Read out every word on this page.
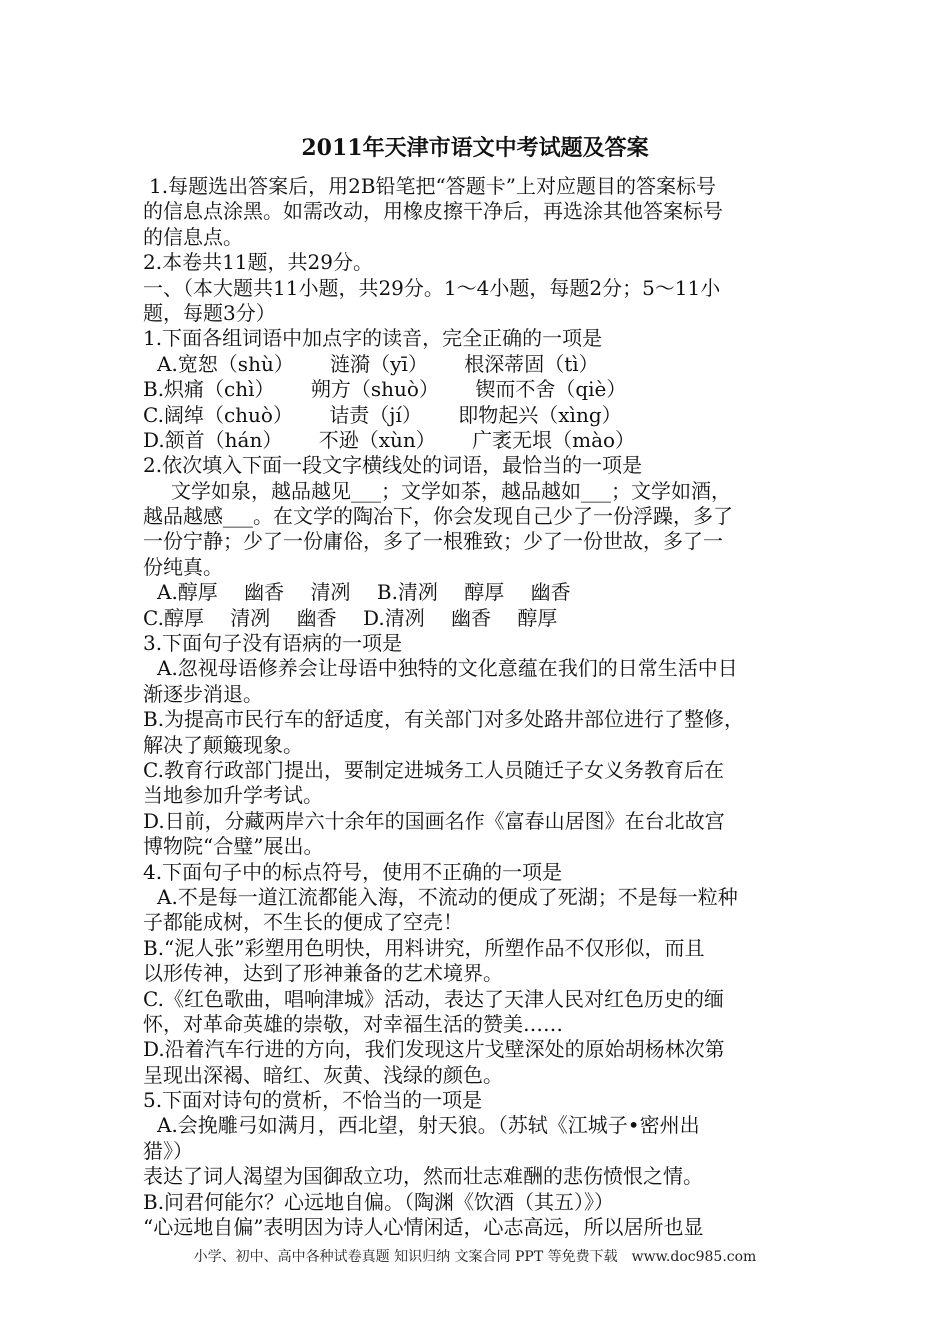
2011年天津市语文中考试题及答案
1.每题选出答案后，用2B铅笔把“答题卡”上对应题目的答案标号
的信息点涂黑。如需改动，用橡皮擦干净后，再选涂其他答案标号
的信息点。
2.本卷共11题，共29分。
一、（本大题共11小题，共29分。1～4小题，每题2分；5～11小
题，每题3分）
1.下面各组词语中加点字的读音，完全正确的一项是
A.宽恕（shù）　　 涟漪（yī）　　 根深蒂固（tì）
B.炽痛（chì）　　 朔方（shuò）　　 锲而不舍（qiè）
C.阔绰（chuò）　　 诘责（jí）　　 即物起兴（xìng）
D.颔首（hán）　　 不逊（xùn）　　 广袤无垠（mào）
2.依次填入下面一段文字横线处的词语，最恰当的一项是
文学如泉，越品越见___；文学如茶，越品越如___；文学如酒，
越品越感___。在文学的陶冶下，你会发现自己少了一份浮躁，多了
一份宁静；少了一份庸俗，多了一根雅致；少了一份世故，多了一
份纯真。
A.醇厚　 幽香　 清冽　 B.清冽　 醇厚　 幽香
C.醇厚　 清冽　 幽香　 D.清冽　 幽香　 醇厚
3.下面句子没有语病的一项是
A.忽视母语修养会让母语中独特的文化意蕴在我们的日常生活中日
渐逐步消退。
B.为提高市民行车的舒适度，有关部门对多处路井部位进行了整修，
解决了颠簸现象。
C.教育行政部门提出，要制定进城务工人员随迁子女义务教育后在
当地参加升学考试。
D.日前，分藏两岸六十余年的国画名作《富春山居图》在台北故宫
博物院“合璧”展出。
4.下面句子中的标点符号，使用不正确的一项是
A.不是每一道江流都能入海，不流动的便成了死湖；不是每一粒种
子都能成树，不生长的便成了空壳！
B.“泥人张”彩塑用色明快，用料讲究，所塑作品不仅形似，而且
以形传神，达到了形神兼备的艺术境界。
C.《红色歌曲，唱响津城》活动，表达了天津人民对红色历史的缅
怀，对革命英雄的崇敬，对幸福生活的赞美……
D.沿着汽车行进的方向，我们发现这片戈壁深处的原始胡杨林次第
呈现出深褐、暗红、灰黄、浅绿的颜色。
5.下面对诗句的赏析，不恰当的一项是
A.会挽雕弓如满月，西北望，射天狼。（苏轼《江城子•密州出
猎》）
表达了词人渴望为国御敌立功，然而壮志难酬的悲伤愤恨之情。
B.问君何能尔？心远地自偏。（陶渊《饮酒（其五）》）
“心远地自偏”表明因为诗人心情闲适，心志高远，所以居所也显
小学、初中、高中各种试卷真题 知识归纳 文案合同 PPT 等免费下载　www.doc985.com
